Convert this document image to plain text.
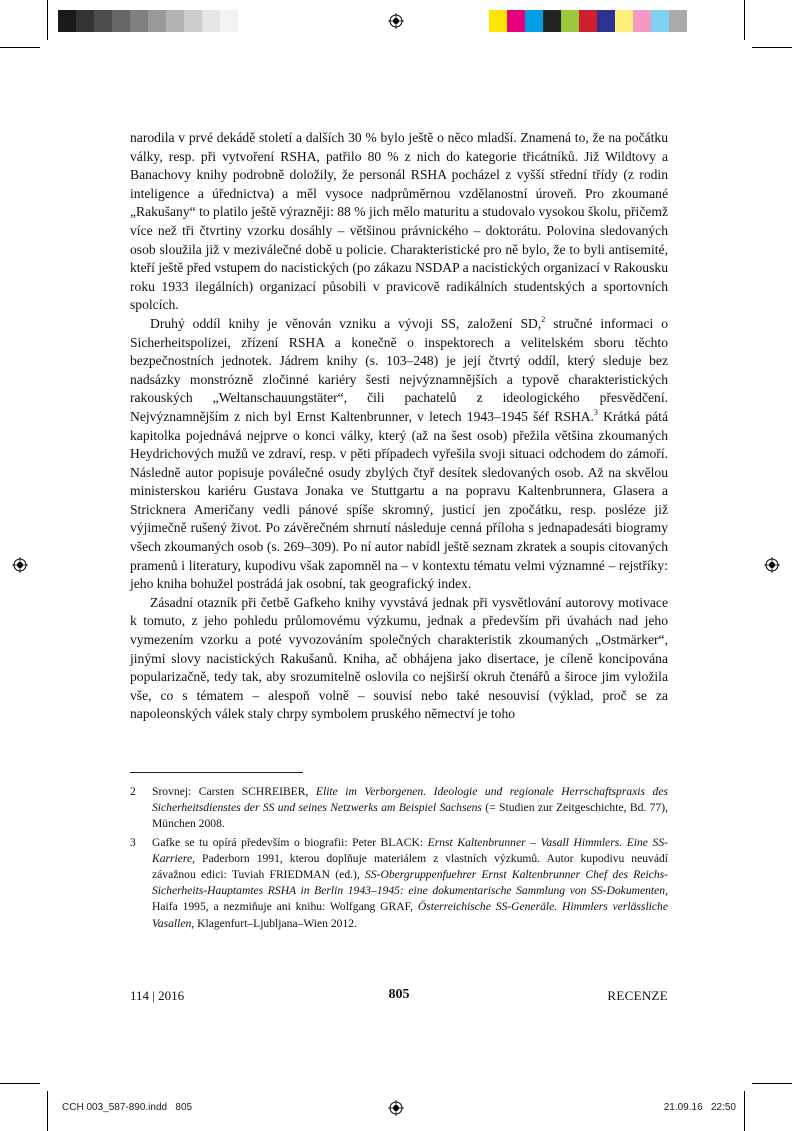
narodila v prvé dekádě století a dalších 30 % bylo ještě o něco mladší. Znamená to, že na počátku války, resp. při vytvoření RSHA, patřilo 80 % z nich do kategorie třicátníků. Již Wildtovy a Banachovy knihy podrobně doložily, že personál RSHA pocházel z vyšší střední třídy (z rodin inteligence a úřednictva) a měl vysoce nadprůměrnou vzdělanostní úroveň. Pro zkoumané „Rakušany“ to platilo ještě výrazněji: 88 % jich mělo maturitu a studovalo vysokou školu, přičemž více než tři čtvrtiny vzorku dosáhly – většinou právnického – doktorátu. Polovina sledovaných osob sloužila již v meziválečné době u policie. Charakteristické pro ně bylo, že to byli antisemité, kteří ještě před vstupem do nacistických (po zákazu NSDAP a nacistických organizací v Rakousku roku 1933 ilegálních) organizací působili v pravicově radikálních studentských a sportovních spolcích.

Druhý oddíl knihy je věnován vzniku a vývoji SS, založení SD,$^2$ stručné informaci o Sicherheitspolizei, zřízení RSHA a konečně o inspektorech a velitelském sboru těchto bezpečnostních jednotek. Jádrem knihy (s. 103–248) je její čtvrtý oddíl, který sleduje bez nadsázky monstrózně zločinné kariéry šesti nejvýznamnějších a typově charakteristických rakouských „Weltanschauungstäter“, čili pachatelů z ideologického přesvědčení. Nejvýznamnějším z nich byl Ernst Kaltenbrunner, v letech 1943–1945 šéf RSHA.$^3$ Krátká pátá kapitolka pojednává nejprve o konci války, který (až na šest osob) přežila většina zkoumaných Heydrichových mužů ve zdraví, resp. v pěti případech vyřešila svoji situaci odchodem do zámoří. Následně autor popisuje poválečné osudy zbylých čtyř desítek sledovaných osob. Až na skvělou ministerskou kariéru Gustava Jonaka ve Stuttgartu a na popravu Kaltenbrunnera, Glasera a Stricknera Američany vedli pánové spíše skromný, justicí jen zpočátku, resp. posléze již výjimečně rušený život. Po závěrečném shrnutí následuje cenná příloha s jednapadesáti biogramy všech zkoumaných osob (s. 269–309). Po ní autor nabídl ještě seznam zkratek a soupis citovaných pramenů i literatury, kupodivu však zapomněl na – v kontextu tématu velmi významné – rejstříky: jeho kniha bohužel postrádá jak osobní, tak geografický index.

Zásadní otazník při četbě Gafkeho knihy vyvstává jednak při vysvětlování autorovy motivace k tomuto, z jeho pohledu průlomovému výzkumu, jednak a především při úvahách nad jeho vymezením vzorku a poté vyvozováním společných charakteristik zkoumaných „Ostmärker“, jinými slovy nacistických Rakušanů. Kniha, ač obhájena jako disertace, je cíleně koncipována popularizačně, tedy tak, aby srozumitelně oslovila co nejširší okruh čtenářů a široce jim vyložila vše, co s tématem – alespoň volně – souvisí nebo také nesouvisí (výklad, proč se za napoleonských válek staly chrpy symbolem pruského němectví je toho

2	Srovnej: Carsten SCHREIBER, Elite im Verborgenen. Ideologie und regionale Herrschaftspraxis des Sicherheitsdienstes der SS und seines Netzwerks am Beispiel Sachsens (= Studien zur Zeitgeschichte, Bd. 77), München 2008.
3	Gafke se tu opírá především o biografii: Peter BLACK: Ernst Kaltenbrunner – Vasall Himmlers. Eine SS-Karriere, Paderborn 1991, kterou doplňuje materiálem z vlastních výzkumů. Autor kupodivu neuvádí závažnou edici: Tuviah FRIEDMAN (ed.), SS-Obergruppenfuehrer Ernst Kaltenbrunner Chef des Reichs-Sicherheits-Hauptamtes RSHA in Berlin 1943–1945: eine dokumentarische Sammlung von SS-Dokumenten, Haifa 1995, a nezmiňuje ani knihu: Wolfgang GRAF, Österreichische SS-Generäle. Himmlers verlässliche Vasallen, Klagenfurt–Ljubljana–Wien 2012.
114 | 2016	805	RECENZE
CCH 003_587-890.indd   805	21.09.16   22:50
